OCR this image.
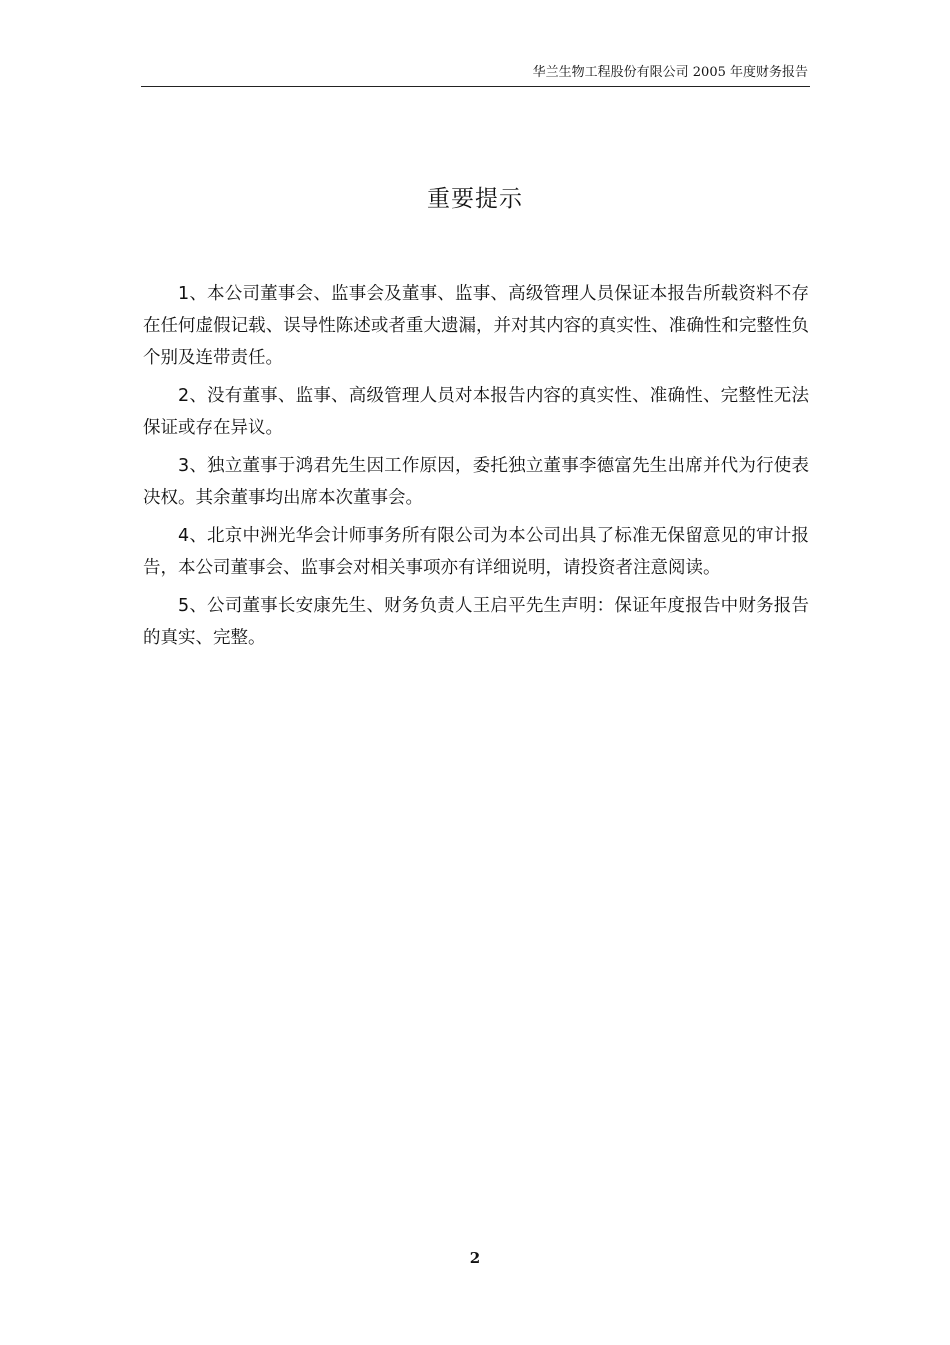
华兰生物工程股份有限公司 2005 年度财务报告
重要提示

1、本公司董事会、监事会及董事、监事、高级管理人员保证本报告所载资料不存在任何虚假记载、误导性陈述或者重大遗漏，并对其内容的真实性、准确性和完整性负个别及连带责任。

2、没有董事、监事、高级管理人员对本报告内容的真实性、准确性、完整性无法保证或存在异议。

3、独立董事于鸿君先生因工作原因，委托独立董事李德富先生出席并代为行使表决权。其余董事均出席本次董事会。

4、北京中洲光华会计师事务所有限公司为本公司出具了标准无保留意见的审计报告，本公司董事会、监事会对相关事项亦有详细说明，请投资者注意阅读。

5、公司董事长安康先生、财务负责人王启平先生声明：保证年度报告中财务报告的真实、完整。

2
